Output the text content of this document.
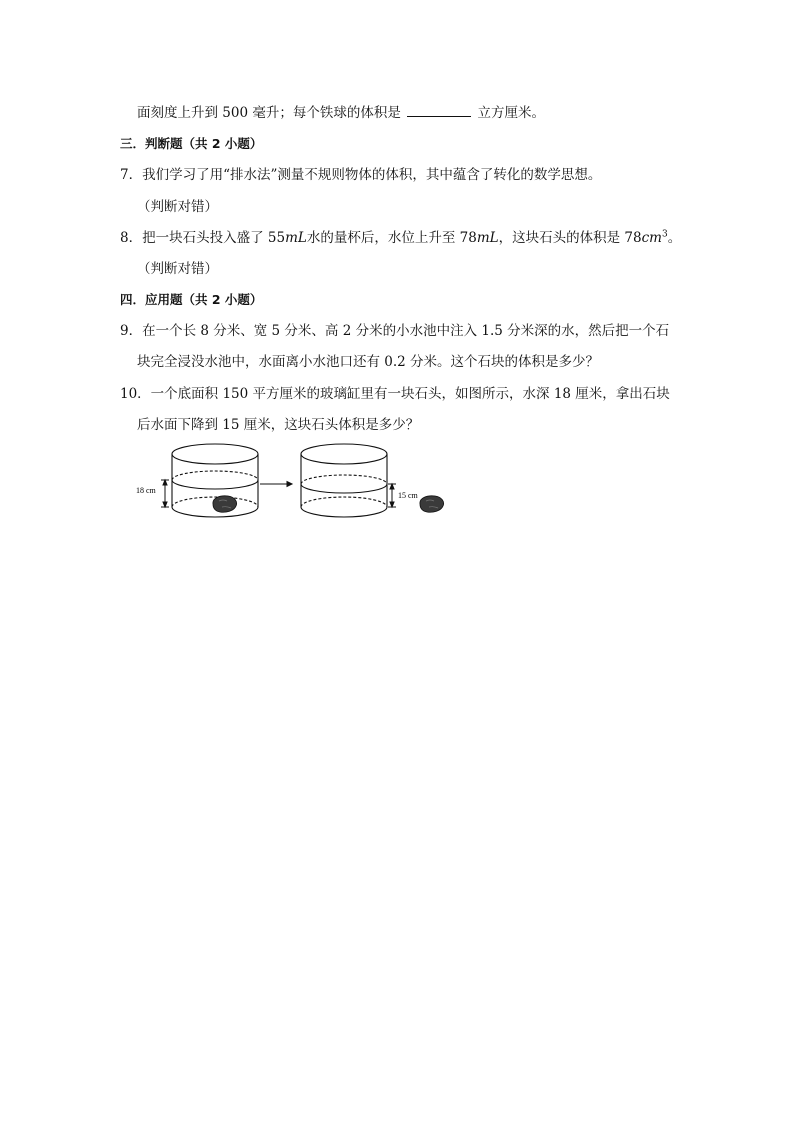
面刻度上升到 500 毫升；每个铁球的体积是	立方厘米。
三．判断题（共 2 小题）
7．我们学习了用“排水法”测量不规则物体的体积，其中蕴含了转化的数学思想。
（判断对错）
8．把一块石头投入盛了 55mL水的量杯后，水位上升至 78mL，这块石头的体积是 $78cm^3$。
（判断对错）
四．应用题（共 2 小题）
9．在一个长 8 分米、宽 5 分米、高 2 分米的小水池中注入 1.5 分米深的水，然后把一个石
块完全浸没水池中，水面离小水池口还有 0.2 分米。这个石块的体积是多少？
10．一个底面积 150 平方厘米的玻璃缸里有一块石头，如图所示，水深 18 厘米，拿出石块
后水面下降到 15 厘米，这块石头体积是多少？
18 cm
15 cm
